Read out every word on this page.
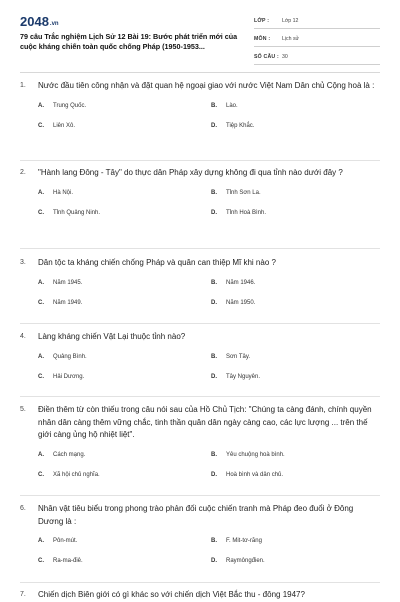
2048.vn
79 câu Trắc nghiệm Lịch Sử 12 Bài 19: Bước phát triển mới của cuộc kháng chiến toàn quốc chống Pháp (1950-1953...
LỚP :	Lớp 12
MÔN :	Lịch sử
SỐ CÂU : 30
1.	Nước đầu tiên công nhận và đặt quan hệ ngoại giao với nước Việt Nam Dân chủ Cộng hoà là :
A.	Trung Quốc.	B.	Lào.
C.	Liên Xô.	D.	Tiệp Khắc.
2.	"Hành lang Đông - Tây" do thực dân Pháp xây dựng không đi qua tỉnh nào dưới đây ?
A.	Hà Nội.	B.	Tỉnh Sơn La.
C.	Tỉnh Quảng Ninh.	D.	Tỉnh Hoà Bình.
3.	Dân tộc ta kháng chiến chống Pháp và quân can thiệp Mĩ khi nào ?
A.	Năm 1945.	B.	Năm 1946.
C.	Năm 1949.	D.	Năm 1950.
4.	Làng kháng chiến Vật Lại thuộc tỉnh nào?
A.	Quảng Bình.	B.	Sơn Tây.
C.	Hải Dương.	D.	Tây Nguyên.
5.	Điền thêm từ còn thiếu trong câu nói sau của Hồ Chủ Tịch: "Chúng ta càng đánh, chính quyền nhân dân càng thêm vững chắc, tinh thần quân dân ngày càng cao, các lực lượng ... trên thế giới càng ủng hộ nhiệt liệt".
A.	Cách mạng.	B.	Yêu chuộng hoà bình.
C.	Xã hội chủ nghĩa.	D.	Hoà bình và dân chủ.
6.	Nhân vật tiêu biểu trong phong trào phản đối cuộc chiến tranh mà Pháp đeo đuổi ở Đông Dương là :
A.	Pôn-mút.	B.	F. Mit-tơ-răng
C.	Ra-ma-điê.	D.	Raymôngđien.
7.	Chiến dịch Biên giới có gì khác so với chiến dịch Việt Bắc thu - đông 1947?
